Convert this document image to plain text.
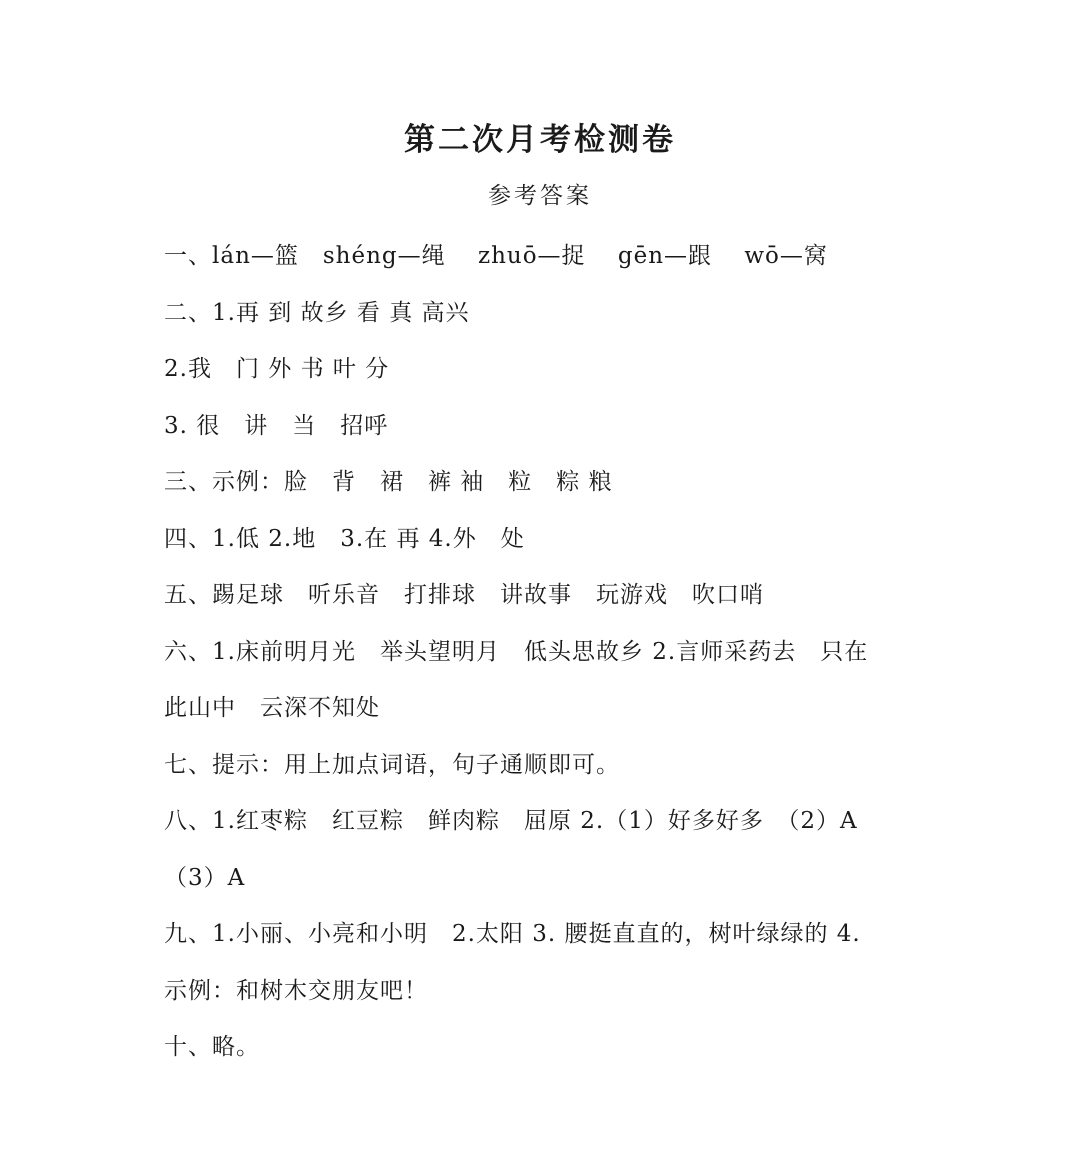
第二次月考检测卷
参考答案
一、lán—篮　shéng—绳　 zhuō—捉　 gēn—跟　 wō—窝
二、1.再 到 故乡 看 真 高兴
2.我　门 外 书 叶 分
3. 很　讲　当　招呼
三、示例：脸　背　裙　裤 袖　粒　粽 粮
四、1.低 2.地　3.在 再 4.外　处
五、踢足球　听乐音　打排球　讲故事　玩游戏　吹口哨
六、1.床前明月光　举头望明月　低头思故乡 2.言师采药去　只在
此山中　云深不知处
七、提示：用上加点词语，句子通顺即可。
八、1.红枣粽　红豆粽　鲜肉粽　屈原 2.（1）好多好多　（2）A
（3）A
九、1.小丽、小亮和小明　2.太阳 3. 腰挺直直的，树叶绿绿的 4.
示例：和树木交朋友吧！
十、略。
